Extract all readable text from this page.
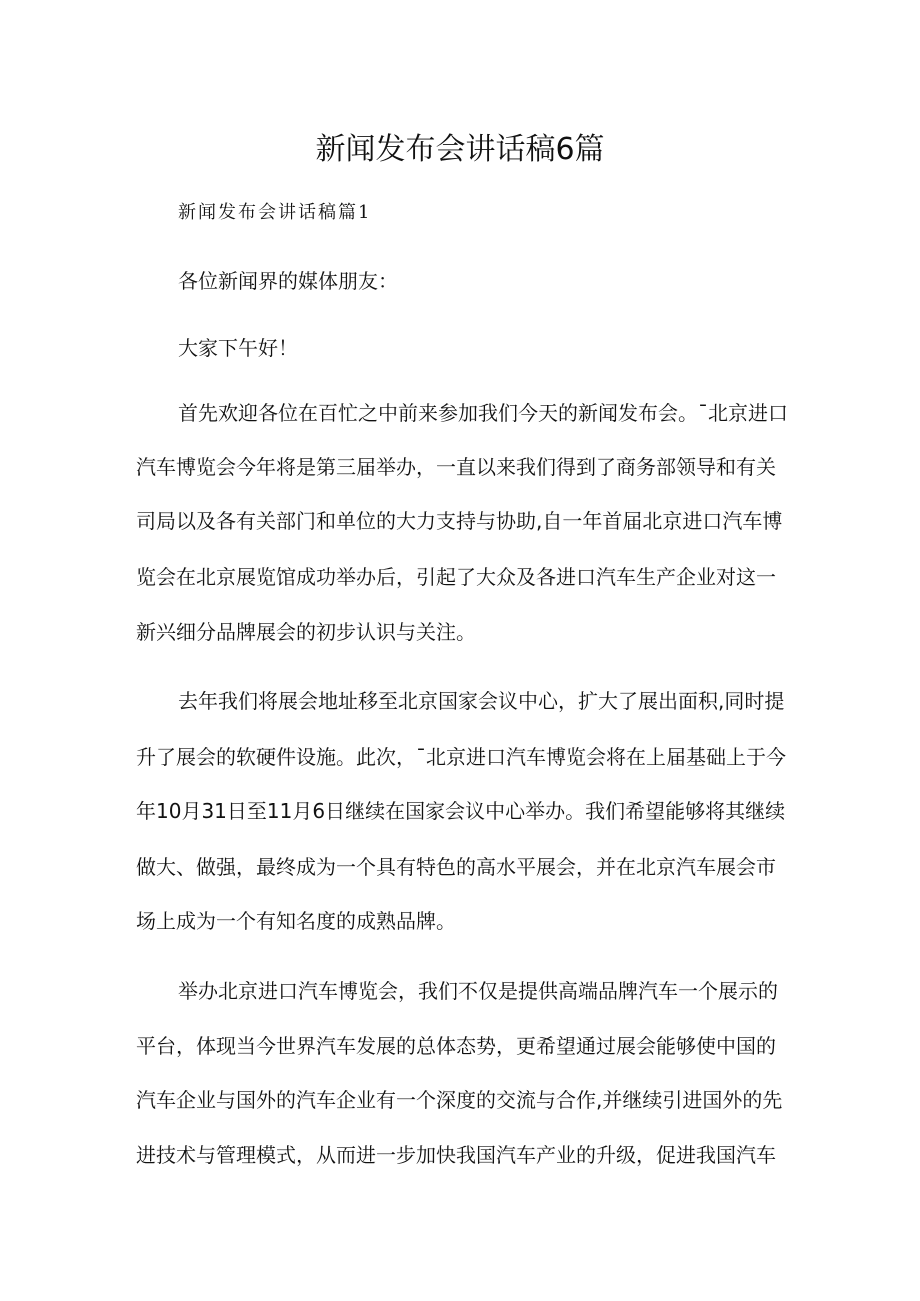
新闻发布会讲话稿6篇
新闻发布会讲话稿篇1
各位新闻界的媒体朋友：
大家下午好！
首先欢迎各位在百忙之中前来参加我们今天的新闻发布会。¯北京进口
汽车博览会今年将是第三届举办，一直以来我们得到了商务部领导和有关
司局以及各有关部门和单位的大力支持与协助,自一年首届北京进口汽车博
览会在北京展览馆成功举办后，引起了大众及各进口汽车生产企业对这一
新兴细分品牌展会的初步认识与关注。
去年我们将展会地址移至北京国家会议中心，扩大了展出面积,同时提
升了展会的软硬件设施。此次，¯北京进口汽车博览会将在上届基础上于今
年10月31日至11月6日继续在国家会议中心举办。我们希望能够将其继续
做大、做强，最终成为一个具有特色的高水平展会，并在北京汽车展会市
场上成为一个有知名度的成熟品牌。
举办北京进口汽车博览会，我们不仅是提供高端品牌汽车一个展示的
平台，体现当今世界汽车发展的总体态势，更希望通过展会能够使中国的
汽车企业与国外的汽车企业有一个深度的交流与合作,并继续引进国外的先
进技术与管理模式，从而进一步加快我国汽车产业的升级，促进我国汽车
